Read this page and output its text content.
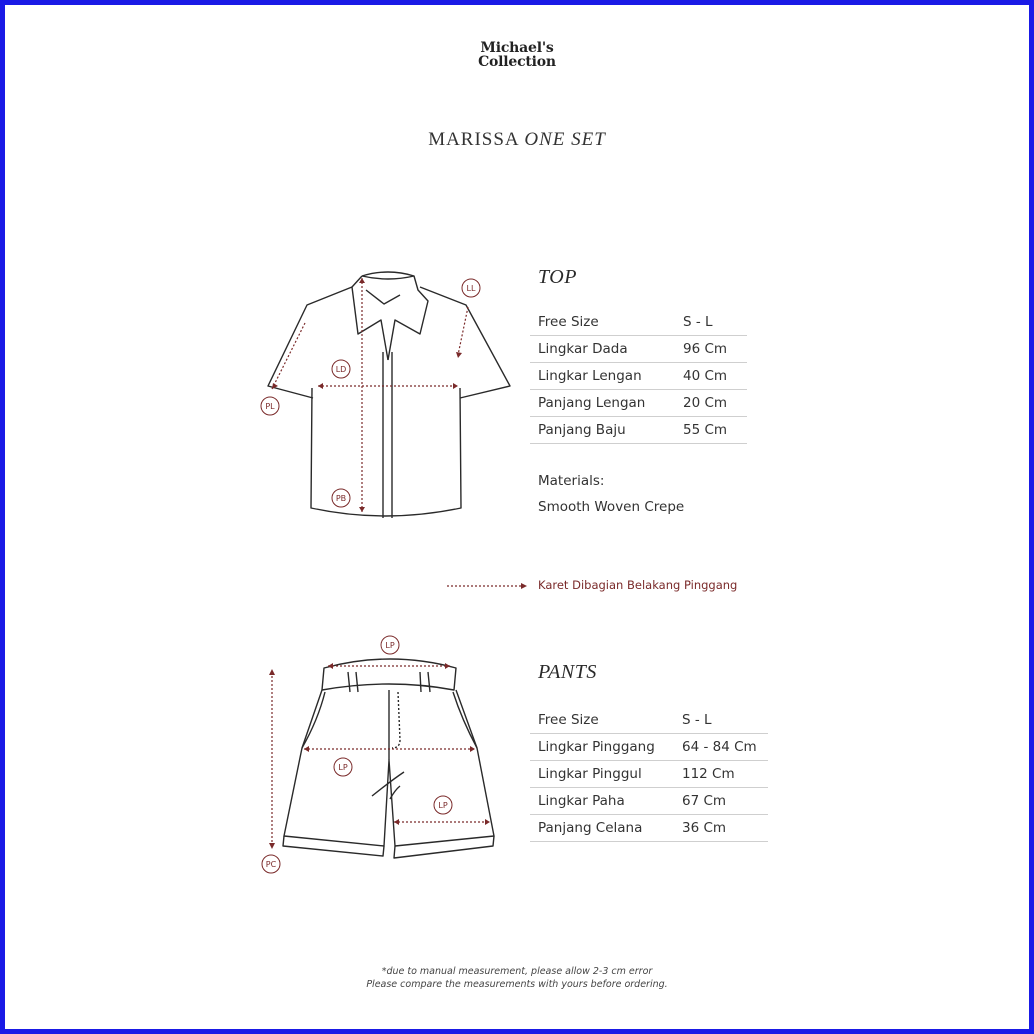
Michael's
Collection
MARISSA ONE SET
LL
LD
PL
PB
TOP
Free Size	S - L
Lingkar Dada	96 Cm
Lingkar Lengan	40 Cm
Panjang Lengan	20 Cm
Panjang Baju	55 Cm
Materials:
Smooth Woven Crepe
Karet Dibagian Belakang Pinggang
LP
LP
LP
PC
PANTS
Free Size	S - L
Lingkar Pinggang	64 - 84 Cm
Lingkar Pinggul	112 Cm
Lingkar Paha	67 Cm
Panjang Celana	36 Cm
*due to manual measurement, please allow 2-3 cm error
Please compare the measurements with yours before ordering.
